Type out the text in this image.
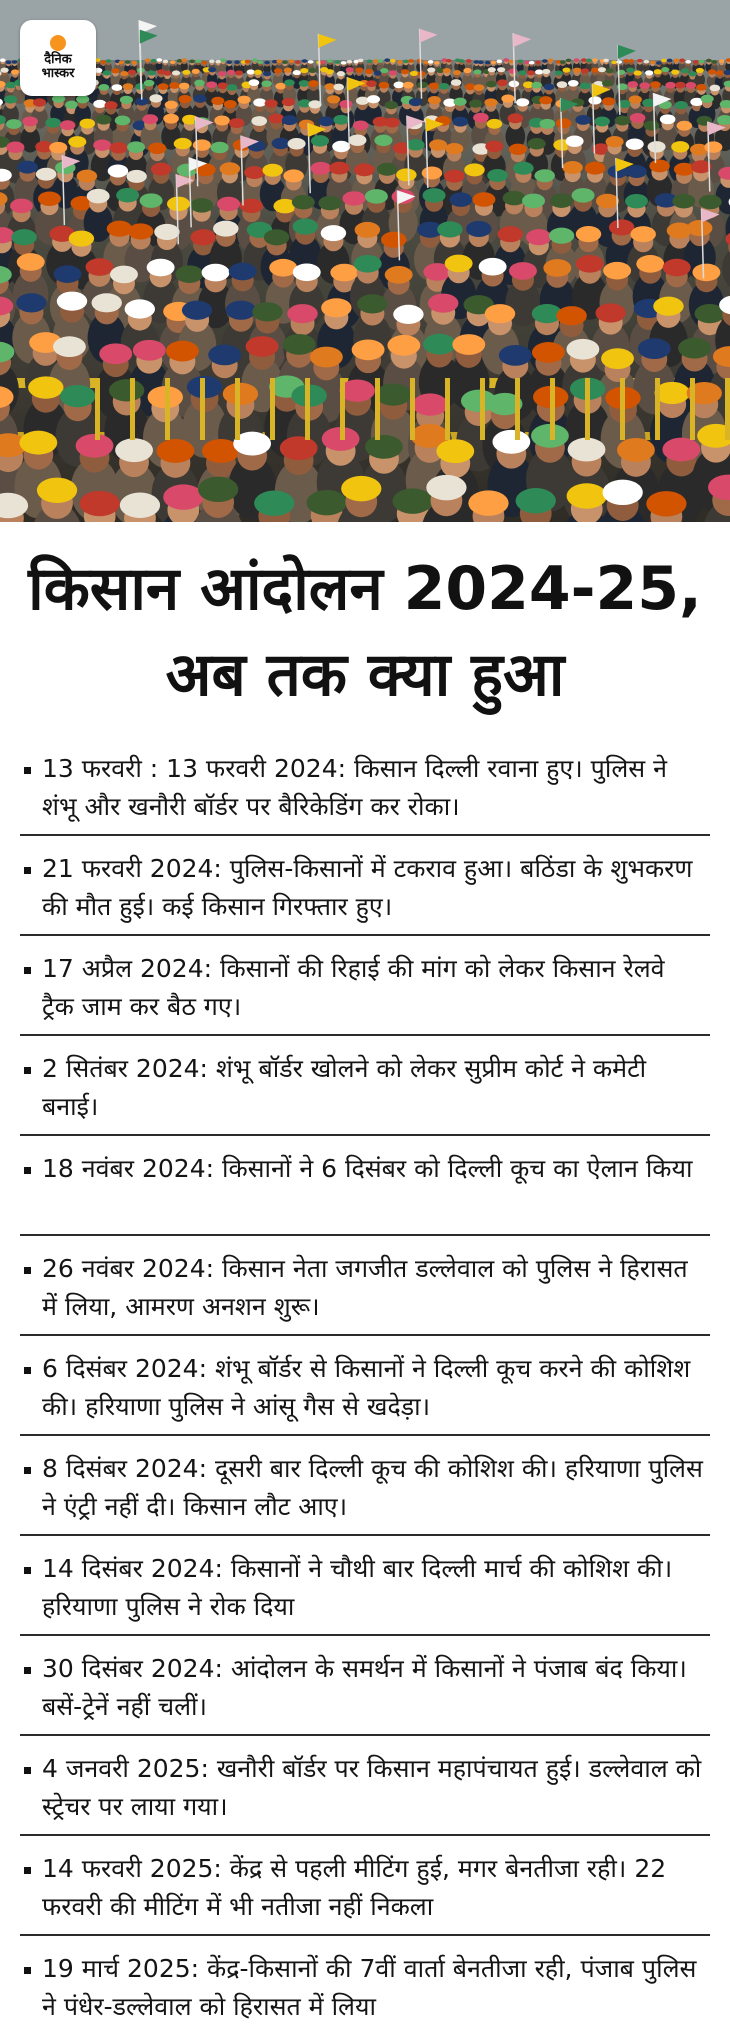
दैनिक
भास्कर
किसान आंदोलन 2024-25, अब तक क्या हुआ
13 फरवरी : 13 फरवरी 2024: किसान दिल्ली रवाना हुए। पुलिस ने शंभू और खनौरी बॉर्डर पर बैरिकेडिंग कर रोका।
21 फरवरी 2024: पुलिस-किसानों में टकराव हुआ। बठिंडा के शुभकरण की मौत हुई। कई किसान गिरफ्तार हुए।
17 अप्रैल 2024: किसानों की रिहाई की मांग को लेकर किसान रेलवे ट्रैक जाम कर बैठ गए।
2 सितंबर 2024: शंभू बॉर्डर खोलने को लेकर सुप्रीम कोर्ट ने कमेटी बनाई।
18 नवंबर 2024: किसानों ने 6 दिसंबर को दिल्ली कूच का ऐलान किया
26 नवंबर 2024: किसान नेता जगजीत डल्लेवाल को पुलिस ने हिरासत में लिया, आमरण अनशन शुरू।
6 दिसंबर 2024: शंभू बॉर्डर से किसानों ने दिल्ली कूच करने की कोशिश की। हरियाणा पुलिस ने आंसू गैस से खदेड़ा।
8 दिसंबर 2024: दूसरी बार दिल्ली कूच की कोशिश की। हरियाणा पुलिस ने एंट्री नहीं दी। किसान लौट आए।
14 दिसंबर 2024: किसानों ने चौथी बार दिल्ली मार्च की कोशिश की। हरियाणा पुलिस ने रोक दिया
30 दिसंबर 2024: आंदोलन के समर्थन में किसानों ने पंजाब बंद किया। बसें-ट्रेनें नहीं चलीं।
4 जनवरी 2025: खनौरी बॉर्डर पर किसान महापंचायत हुई। डल्लेवाल को स्ट्रेचर पर लाया गया।
14 फरवरी 2025: केंद्र से पहली मीटिंग हुई, मगर बेनतीजा रही। 22 फरवरी की मीटिंग में भी नतीजा नहीं निकला
19 मार्च 2025: केंद्र-किसानों की 7वीं वार्ता बेनतीजा रही, पंजाब पुलिस ने पंधेर-डल्लेवाल को हिरासत में लिया
